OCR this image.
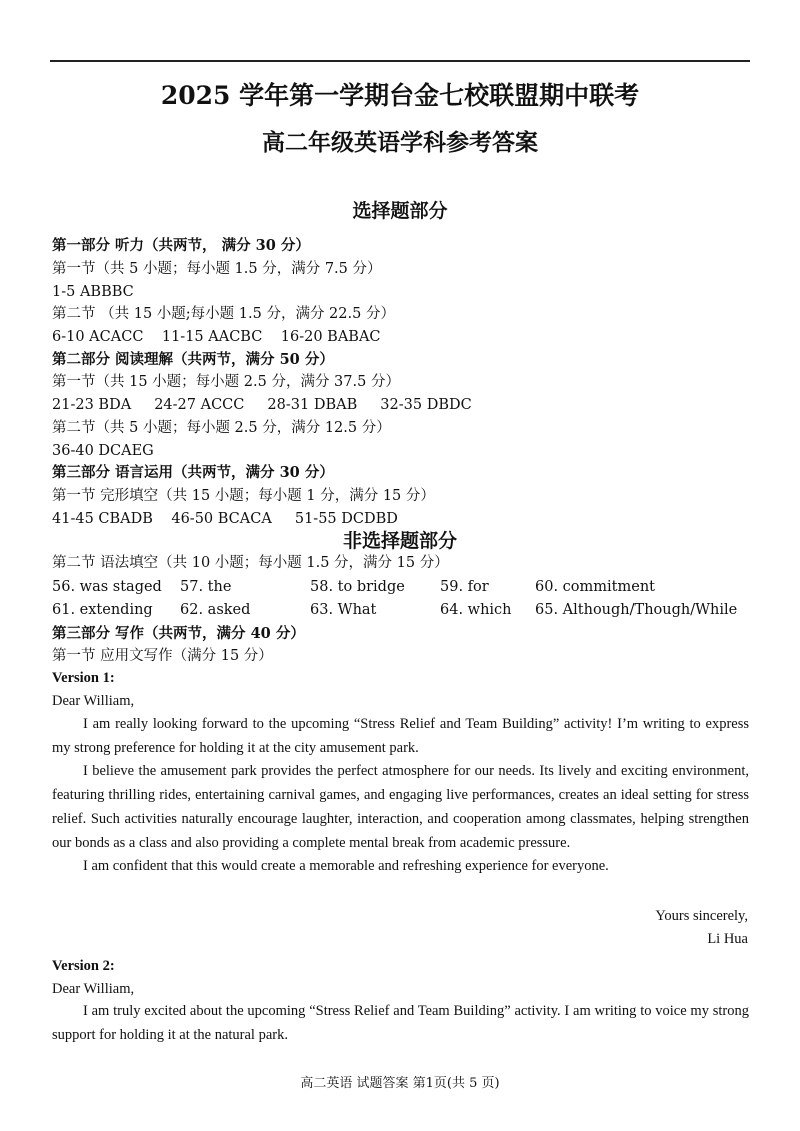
2025 学年第一学期台金七校联盟期中联考
高二年级英语学科参考答案
选择题部分
第一部分 听力（共两节， 满分 30 分）
第一节（共 5 小题；每小题 1.5 分，满分 7.5 分）
1-5 ABBBC
第二节 （共 15 小题;每小题 1.5 分，满分 22.5 分）
6-10 ACACC    11-15 AACBC    16-20 BABAC
第二部分 阅读理解（共两节，满分 50 分）
第一节（共 15 小题；每小题 2.5 分，满分 37.5 分）
21-23 BDA     24-27 ACCC     28-31 DBAB     32-35 DBDC
第二节（共 5 小题；每小题 2.5 分，满分 12.5 分）
36-40 DCAEG
第三部分 语言运用（共两节，满分 30 分）
第一节 完形填空（共 15 小题；每小题 1 分，满分 15 分）
41-45 CBADB    46-50 BCACA     51-55 DCDBD
非选择题部分
第二节 语法填空（共 10 小题；每小题 1.5 分，满分 15 分）
56. was staged 57. the	58. to bridge 59. for	60. commitment
61. extending 62. asked	63. What	64. which 65. Although/Though/While
第三部分 写作（共两节，满分 40 分）
第一节 应用文写作（满分 15 分）
Version 1:
Dear William,

I am really looking forward to the upcoming “Stress Relief and Team Building” activity! I’m writing to express my strong preference for holding it at the city amusement park.

I believe the amusement park provides the perfect atmosphere for our needs. Its lively and exciting environment, featuring thrilling rides, entertaining carnival games, and engaging live performances, creates an ideal setting for stress relief. Such activities naturally encourage laughter, interaction, and cooperation among classmates, helping strengthen our bonds as a class and also providing a complete mental break from academic pressure.

I am confident that this would create a memorable and refreshing experience for everyone.

Yours sincerely,
Li Hua
Version 2:
Dear William,

I am truly excited about the upcoming “Stress Relief and Team Building” activity. I am writing to voice my strong support for holding it at the natural park.

高二英语 试题答案 第1页(共 5 页)
